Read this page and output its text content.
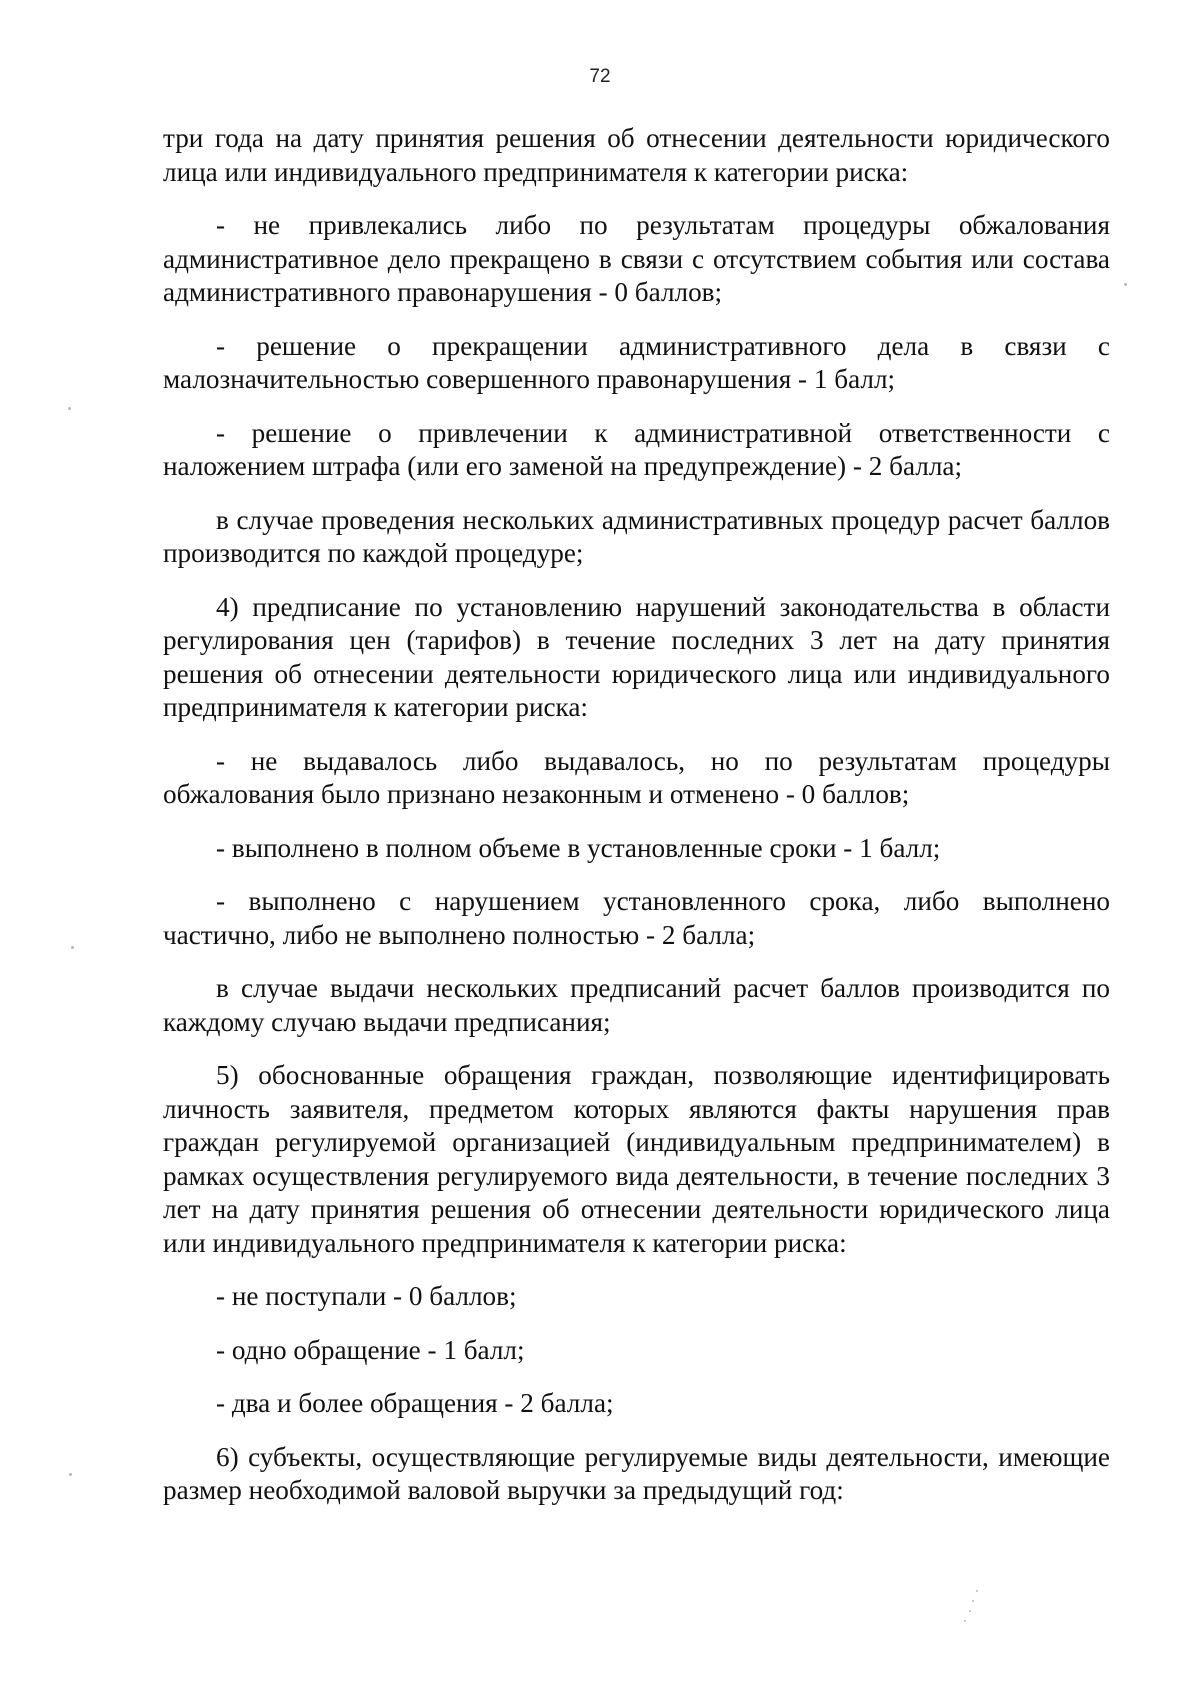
72

три года на дату принятия решения об отнесении деятельности юридического лица или индивидуального предпринимателя к категории риска:

- не привлекались либо по результатам процедуры обжалования административное дело прекращено в связи с отсутствием события или состава административного правонарушения - 0 баллов;

- решение о прекращении административного дела в связи с малозначительностью совершенного правонарушения - 1 балл;

- решение о привлечении к административной ответственности с наложением штрафа (или его заменой на предупреждение) - 2 балла;

в случае проведения нескольких административных процедур расчет баллов производится по каждой процедуре;

4) предписание по установлению нарушений законодательства в области регулирования цен (тарифов) в течение последних 3 лет на дату принятия решения об отнесении деятельности юридического лица или индивидуального предпринимателя к категории риска:

- не выдавалось либо выдавалось, но по результатам процедуры обжалования было признано незаконным и отменено - 0 баллов;

- выполнено в полном объеме в установленные сроки - 1 балл;

- выполнено с нарушением установленного срока, либо выполнено частично, либо не выполнено полностью - 2 балла;

в случае выдачи нескольких предписаний расчет баллов производится по каждому случаю выдачи предписания;

5) обоснованные обращения граждан, позволяющие идентифицировать личность заявителя, предметом которых являются факты нарушения прав граждан регулируемой организацией (индивидуальным предпринимателем) в рамках осуществления регулируемого вида деятельности, в течение последних 3 лет на дату принятия решения об отнесении деятельности юридического лица или индивидуального предпринимателя к категории риска:

- не поступали - 0 баллов;

- одно обращение - 1 балл;

- два и более обращения - 2 балла;

6) субъекты, осуществляющие регулируемые виды деятельности, имеющие размер необходимой валовой выручки за предыдущий год:
